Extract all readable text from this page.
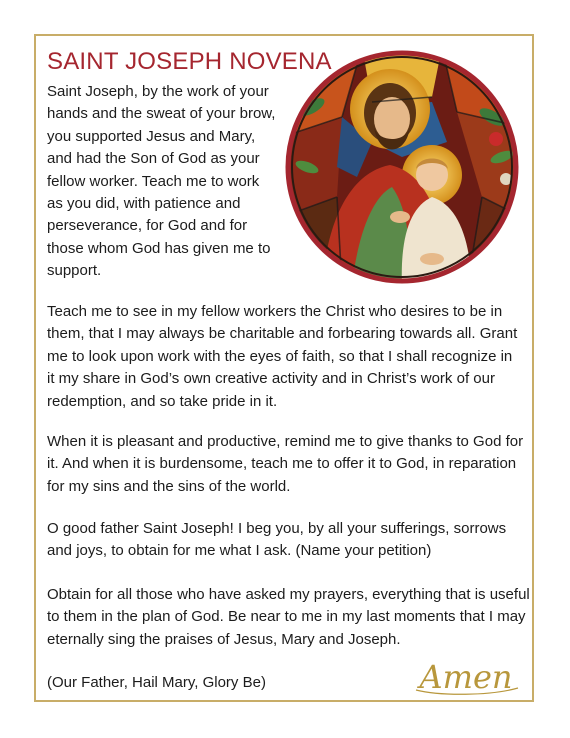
SAINT JOSEPH NOVENA
Saint Joseph, by the work of your
hands and the sweat of your brow,
you supported Jesus and Mary,
and had the Son of God as your
fellow worker. Teach me to work
as you did, with patience and
perseverance, for God and for
those whom God has given me to
support.
Teach me to see in my fellow workers the Christ who desires to be in
them, that I may always be charitable and forbearing towards all. Grant
me to look upon work with the eyes of faith, so that I shall recognize in
it my share in God’s own creative activity and in Christ’s work of our
redemption, and so take pride in it.
When it is pleasant and productive, remind me to give thanks to God for
it. And when it is burdensome, teach me to offer it to God, in reparation
for my sins and the sins of the world.
O good father Saint Joseph! I beg you, by all your sufferings, sorrows
and joys, to obtain for me what I ask. (Name your petition)
Obtain for all those who have asked my prayers, everything that is useful
to them in the plan of God. Be near to me in my last moments that I may
eternally sing the praises of Jesus, Mary and Joseph.
(Our Father, Hail Mary, Glory Be)	Amen
